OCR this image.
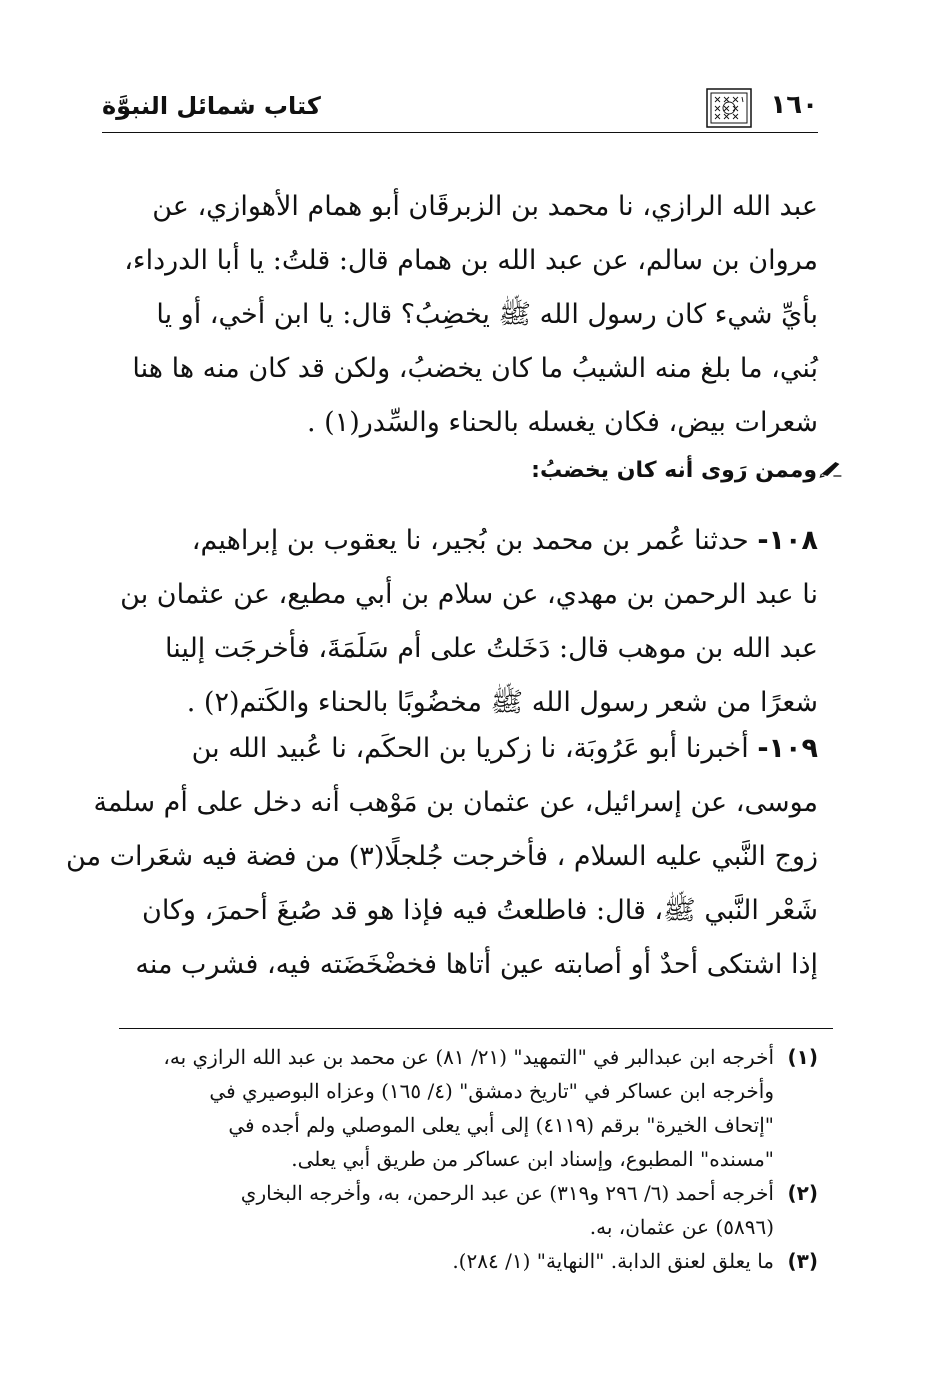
١٦٠
كتاب شمائل النبوَّة
عبد الله الرازي، نا محمد بن الزبرقَان أبو همام الأهوازي، عن
مروان بن سالم، عن عبد الله بن همام قال: قلتُ: يا أبا الدرداء،
بأيِّ شيء كان رسول الله ﷺ يخضِبُ؟ قال: يا ابن أخي، أو يا
بُني، ما بلغ منه الشيبُ ما كان يخضبُ، ولكن قد كان منه ها هنا
شعرات بيض، فكان يغسله بالحناء والسِّدر(١) .
وممن رَوى أنه كان يخضبُ:
١٠٨- حدثنا عُمر بن محمد بن بُجير، نا يعقوب بن إبراهيم،
نا عبد الرحمن بن مهدي، عن سلام بن أبي مطيع، عن عثمان بن
عبد الله بن موهب قال: دَخَلتُ على أم سَلَمَةَ، فأخرجَت إلينا
شعرًا من شعر رسول الله ﷺ مخضُوبًا بالحناء والكَتم(٢) .
١٠٩- أخبرنا أبو عَرُوبَة، نا زكريا بن الحكَم، نا عُبيد الله بن
موسى، عن إسرائيل، عن عثمان بن مَوْهب أنه دخل على أم سلمة
زوج النَّبي عليه السلام ، فأخرجت جُلجلًا(٣) من فضة فيه شعَرات من
شَعْر النَّبي ﷺ، قال: فاطلعتُ فيه فإذا هو قد صُبغَ أحمرَ، وكان
إذا اشتكى أحدٌ أو أصابته عين أتاها فخضْخَضَته فيه، فشرب منه
(١)
أخرجه ابن عبدالبر في "التمهيد" (٢١/ ٨١) عن محمد بن عبد الله الرازي به،
وأخرجه ابن عساكر في "تاريخ دمشق" (٤/ ١٦٥) وعزاه البوصيري في
"إتحاف الخيرة" برقم (٤١١٩) إلى أبي يعلى الموصلي ولم أجده في
"مسنده" المطبوع، وإسناد ابن عساكر من طريق أبي يعلى.
(٢)
أخرجه أحمد (٦/ ٢٩٦ و٣١٩) عن عبد الرحمن، به، وأخرجه البخاري
(٥٨٩٦) عن عثمان، به.
(٣)
ما يعلق لعنق الدابة. "النهاية" (١/ ٢٨٤).
